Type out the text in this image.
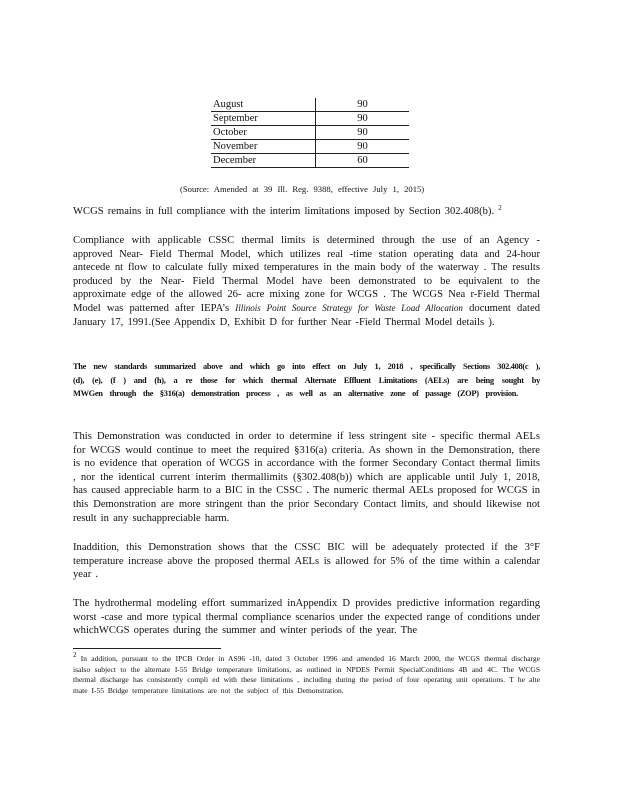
August	90
September	90
October	90
November	90
December	60
(Source: Amended at 39 Ill. Reg. 9388, effective July 1, 2015)

WCGS remains in full compliance with the interim limitations imposed by Section 302.408(b). $^2$

Compliance with applicable CSSC thermal limits is determined through the use of an Agency - approved Near- Field Thermal Model, which utilizes real -time station operating data and 24-hour antecede nt flow to calculate fully mixed temperatures in the main body of the waterway . The results produced by the Near- Field Thermal Model have been demonstrated to be equivalent to the approximate edge of the allowed 26- acre mixing zone for WCGS . The WCGS Nea r-Field Thermal Model was patterned after IEPA’s Illinois Point Source Strategy for Waste Load Allocation document dated January 17, 1991.(See Appendix D, Exhibit D for further Near -Field Thermal Model details ).

The new standards summarized above and which go into effect on July 1, 2018 , specifically Sections 302.408(c ), (d), (e), (f ) and (h), a re those for which thermal Alternate Effluent Limitations (AELs) are being sought by MWGen through the §316(a) demonstration process , as well as an alternative zone of passage (ZOP) provision.

This Demonstration was conducted in order to determine if less stringent site - specific thermal AELs for WCGS would continue to meet the required §316(a) criteria. As shown in the Demonstration, there is no evidence that operation of WCGS in accordance with the former Secondary Contact thermal limits , nor the identical current interim thermallimits (§302.408(b)) which are applicable until July 1, 2018, has caused appreciable harm to a BIC in the CSSC . The numeric thermal AELs proposed for WCGS in this Demonstration are more stringent than the prior Secondary Contact limits, and should likewise not result in any suchappreciable harm.

Inaddition, this Demonstration shows that the CSSC BIC will be adequately protected if the 3°F temperature increase above the proposed thermal AELs is allowed for 5% of the time within a calendar year .

The hydrothermal modeling effort summarized inAppendix D provides predictive information regarding worst -case and more typical thermal compliance scenarios under the expected range of conditions under whichWCGS operates during the summer and winter periods of the year. The

$^2$ In addition, pursuant to the IPCB Order in AS96 -10, dated 3 October 1996 and amended 16 March 2000, the WCGS thermal discharge isalso subject to the alternate I-55 Bridge temperature limitations, as outlined in NPDES Permit SpecialConditions 4B and 4C. The WCGS thermal discharge has consistently compli ed with these limitations , including during the period of four operating unit operations. T he alte mate I-55 Bridge temperature limitations are not the subject of this Demonstration.
